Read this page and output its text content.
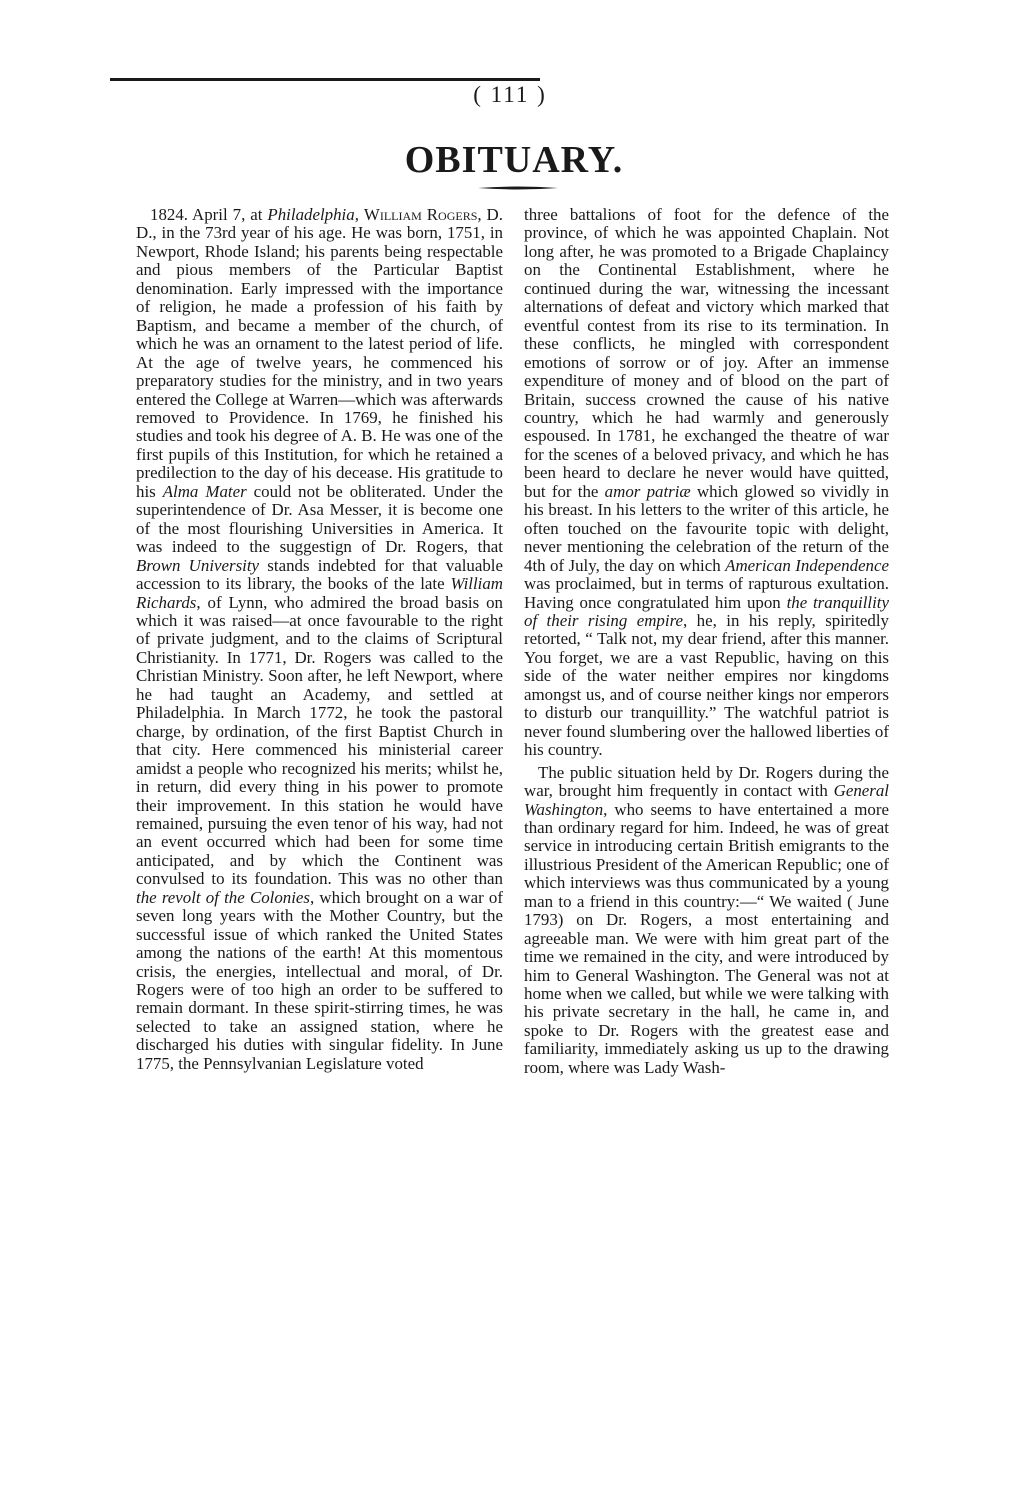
( 111 )
OBITUARY.

1824. April 7, at Philadelphia, William Rogers, D. D., in the 73rd year of his age. He was born, 1751, in Newport, Rhode Island; his parents being respectable and pious members of the Particular Baptist denomination. Early impressed with the importance of religion, he made a profession of his faith by Baptism, and became a member of the church, of which he was an ornament to the latest period of life. At the age of twelve years, he commenced his preparatory studies for the ministry, and in two years entered the College at Warren—which was afterwards removed to Providence. In 1769, he finished his studies and took his degree of A. B. He was one of the first pupils of this Institution, for which he retained a predilection to the day of his decease. His gratitude to his Alma Mater could not be obliterated. Under the superintendence of Dr. Asa Messer, it is become one of the most flourishing Universities in America. It was indeed to the suggestign of Dr. Rogers, that Brown University stands indebted for that valuable accession to its library, the books of the late William Richards, of Lynn, who admired the broad basis on which it was raised—at once favourable to the right of private judgment, and to the claims of Scriptural Christianity. In 1771, Dr. Rogers was called to the Christian Ministry. Soon after, he left Newport, where he had taught an Academy, and settled at Philadelphia. In March 1772, he took the pastoral charge, by ordination, of the first Baptist Church in that city. Here commenced his ministerial career amidst a people who recognized his merits; whilst he, in return, did every thing in his power to promote their improvement. In this station he would have remained, pursuing the even tenor of his way, had not an event occurred which had been for some time anticipated, and by which the Continent was convulsed to its foundation. This was no other than the revolt of the Colonies, which brought on a war of seven long years with the Mother Country, but the successful issue of which ranked the United States among the nations of the earth! At this momentous crisis, the energies, intellectual and moral, of Dr. Rogers were of too high an order to be suffered to remain dormant. In these spirit-stirring times, he was selected to take an assigned station, where he discharged his duties with singular fidelity. In June 1775, the Pennsylvanian Legislature voted

three battalions of foot for the defence of the province, of which he was appointed Chaplain. Not long after, he was promoted to a Brigade Chaplaincy on the Continental Establishment, where he continued during the war, witnessing the incessant alternations of defeat and victory which marked that eventful contest from its rise to its termination. In these conflicts, he mingled with correspondent emotions of sorrow or of joy. After an immense expenditure of money and of blood on the part of Britain, success crowned the cause of his native country, which he had warmly and generously espoused. In 1781, he exchanged the theatre of war for the scenes of a beloved privacy, and which he has been heard to declare he never would have quitted, but for the amor patriæ which glowed so vividly in his breast. In his letters to the writer of this article, he often touched on the favourite topic with delight, never mentioning the celebration of the return of the 4th of July, the day on which American Independence was proclaimed, but in terms of rapturous exultation. Having once congratulated him upon the tranquillity of their rising empire, he, in his reply, spiritedly retorted, “ Talk not, my dear friend, after this manner. You forget, we are a vast Republic, having on this side of the water neither empires nor kingdoms amongst us, and of course neither kings nor emperors to disturb our tranquillity.” The watchful patriot is never found slumbering over the hallowed liberties of his country.

The public situation held by Dr. Rogers during the war, brought him frequently in contact with General Washington, who seems to have entertained a more than ordinary regard for him. Indeed, he was of great service in introducing certain British emigrants to the illustrious President of the American Republic; one of which interviews was thus communicated by a young man to a friend in this country:—“ We waited ( June 1793) on Dr. Rogers, a most entertaining and agreeable man. We were with him great part of the time we remained in the city, and were introduced by him to General Washington. The General was not at home when we called, but while we were talking with his private secretary in the hall, he came in, and spoke to Dr. Rogers with the greatest ease and familiarity, immediately asking us up to the drawing room, where was Lady Wash-
